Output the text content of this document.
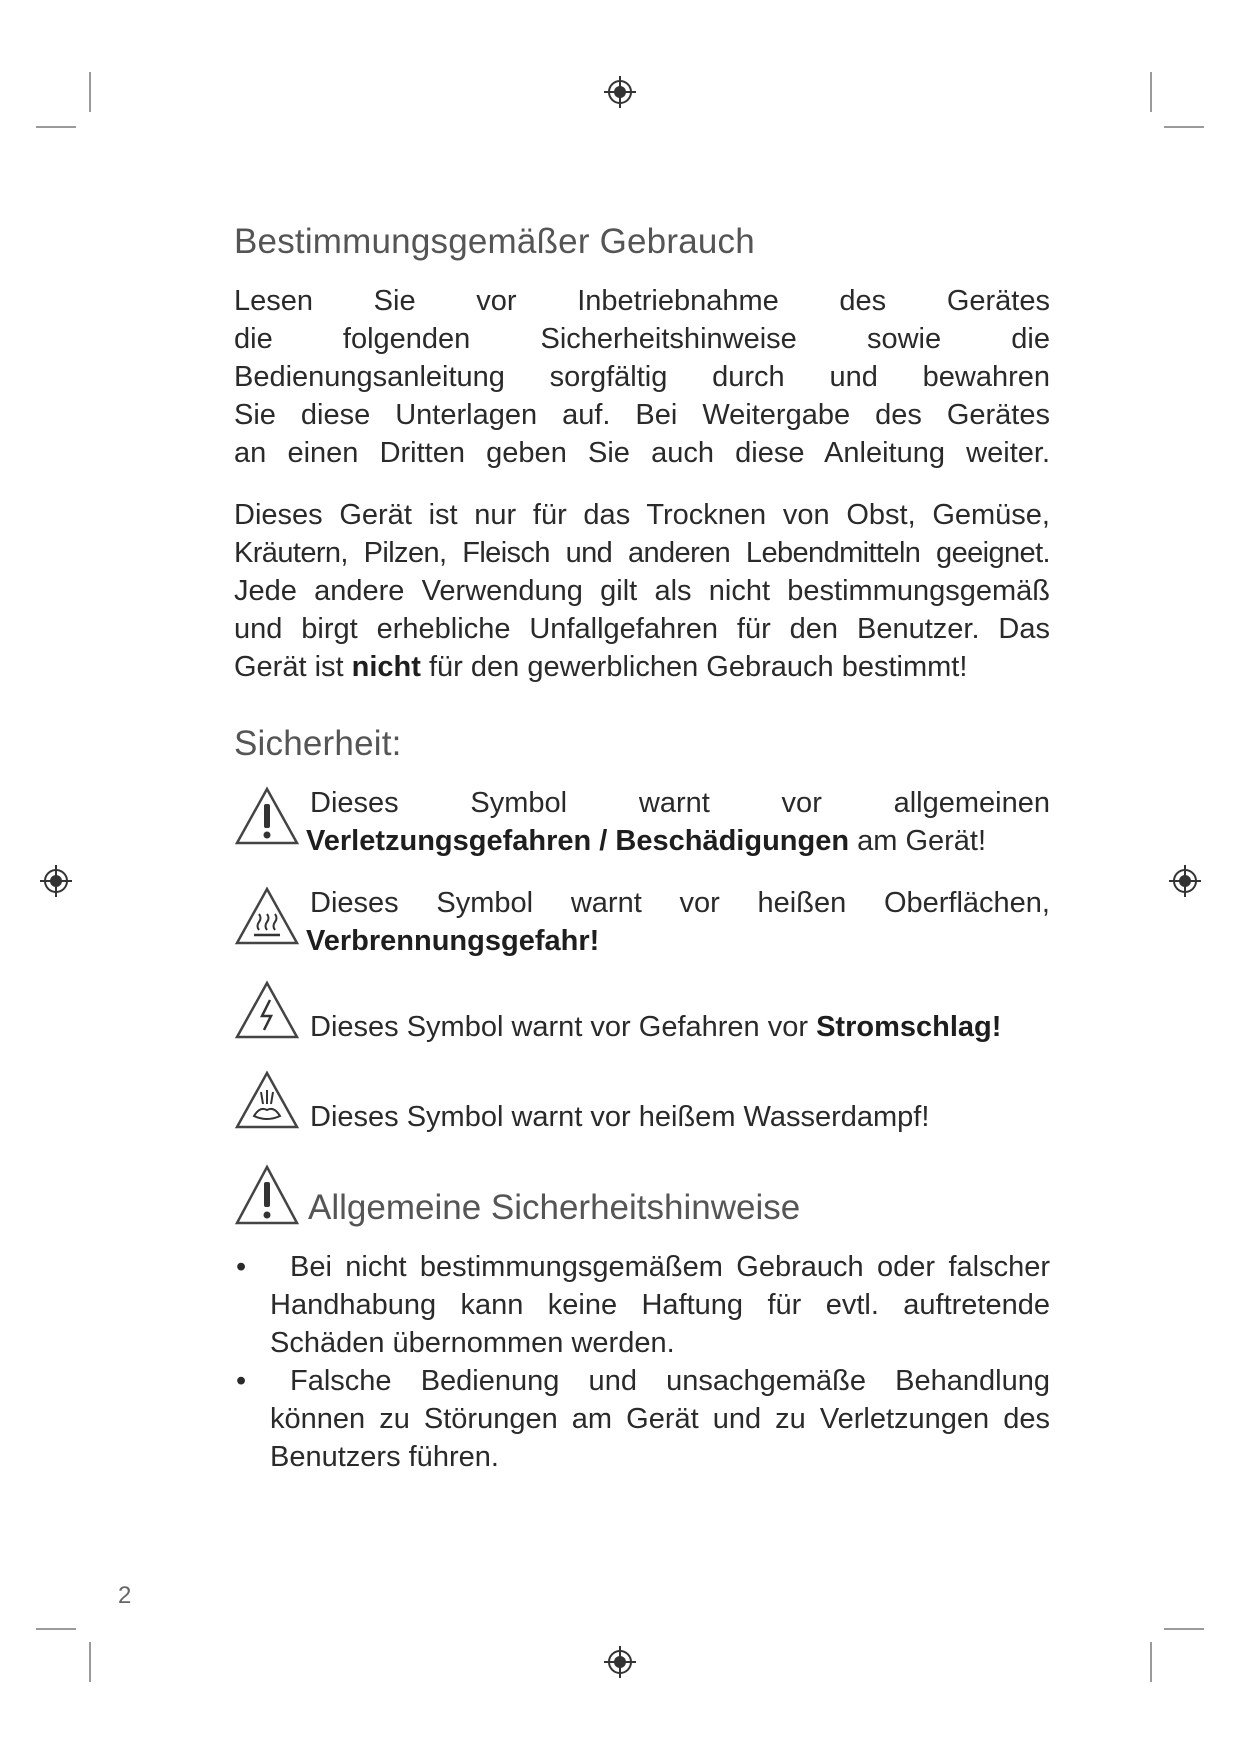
Bestimmungsgemäßer Gebrauch
Lesen Sie vor Inbetriebnahme des Gerätes
die folgenden Sicherheitshinweise sowie die
Bedienungsanleitung sorgfältig durch und bewahren
Sie diese Unterlagen auf. Bei Weitergabe des Gerätes
an einen Dritten geben Sie auch diese Anleitung weiter.
Dieses Gerät ist nur für das Trocknen von Obst, Gemüse,
Kräutern, Pilzen, Fleisch und anderen Lebendmitteln geeignet.
Jede andere Verwendung gilt als nicht bestimmungsgemäß
und birgt erhebliche Unfallgefahren für den Benutzer. Das
Gerät ist nicht für den gewerblichen Gebrauch bestimmt!
Sicherheit:
Dieses Symbol warnt vor allgemeinen
Verletzungsgefahren / Beschädigungen am Gerät!
Dieses Symbol warnt vor heißen Oberflächen,
Verbrennungsgefahr!
Dieses Symbol warnt vor Gefahren vor Stromschlag!
Dieses Symbol warnt vor heißem Wasserdampf!
Allgemeine Sicherheitshinweise
•	Bei nicht bestimmungsgemäßem Gebrauch oder falscher
Handhabung kann keine Haftung für evtl. auftretende
Schäden übernommen werden.
•	Falsche Bedienung und unsachgemäße Behandlung
können zu Störungen am Gerät und zu Verletzungen des
Benutzers führen.
2
